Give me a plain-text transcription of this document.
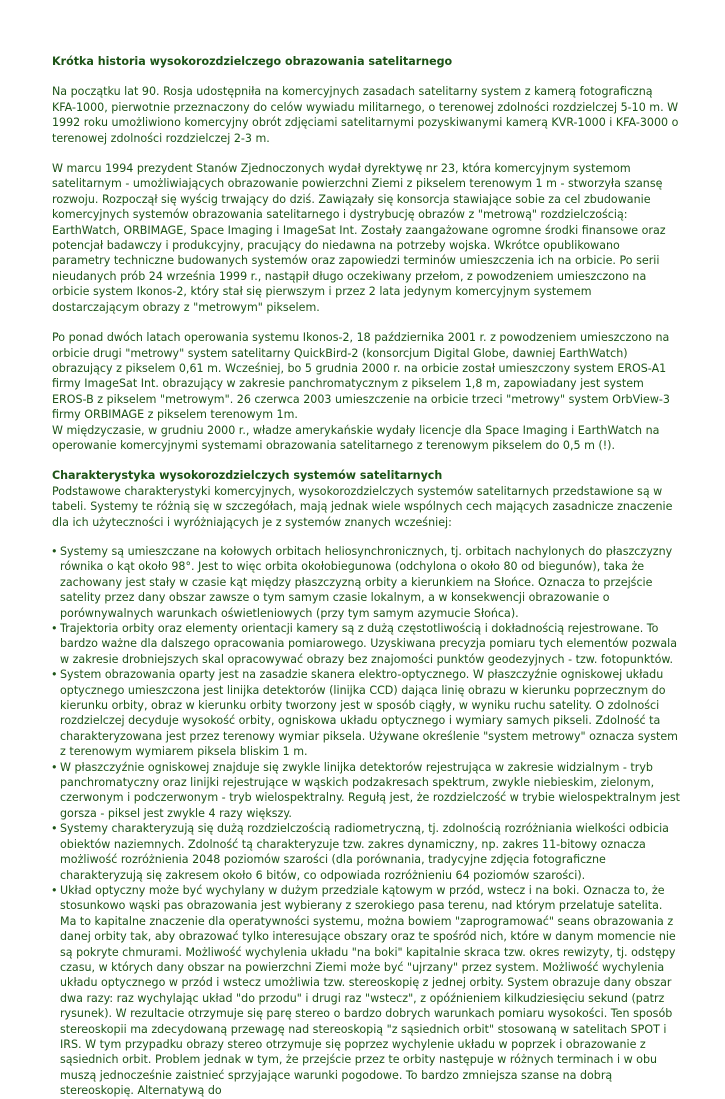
Krótka historia wysokorozdzielczego obrazowania satelitarnego

Na początku lat 90. Rosja udostępniła na komercyjnych zasadach satelitarny system z kamerą fotograficzną KFA-1000, pierwotnie przeznaczony do celów wywiadu militarnego, o terenowej zdolności rozdzielczej 5-10 m. W 1992 roku umożliwiono komercyjny obrót zdjęciami satelitarnymi pozyskiwanymi kamerą KVR-1000 i KFA-3000 o terenowej zdolności rozdzielczej 2-3 m.

W marcu 1994 prezydent Stanów Zjednoczonych wydał dyrektywę nr 23, która komercyjnym systemom satelitarnym - umożliwiających obrazowanie powierzchni Ziemi z pikselem terenowym 1 m - stworzyła szansę rozwoju. Rozpoczął się wyścig trwający do dziś. Zawiązały się konsorcja stawiające sobie za cel zbudowanie komercyjnych systemów obrazowania satelitarnego i dystrybucję obrazów z "metrową" rozdzielczością: EarthWatch, ORBIMAGE, Space Imaging i ImageSat Int. Zostały zaangażowane ogromne środki finansowe oraz potencjał badawczy i produkcyjny, pracujący do niedawna na potrzeby wojska. Wkrótce opublikowano parametry techniczne budowanych systemów oraz zapowiedzi terminów umieszczenia ich na orbicie. Po serii nieudanych prób 24 września 1999 r., nastąpił długo oczekiwany przełom, z powodzeniem umieszczono na orbicie system Ikonos-2, który stał się pierwszym i przez 2 lata jedynym komercyjnym systemem dostarczającym obrazy z "metrowym" pikselem.

Po ponad dwóch latach operowania systemu Ikonos-2, 18 października 2001 r. z powodzeniem umieszczono na orbicie drugi "metrowy" system satelitarny QuickBird-2 (konsorcjum Digital Globe, dawniej EarthWatch) obrazujący z pikselem 0,61 m. Wcześniej, bo 5 grudnia 2000 r. na orbicie został umieszczony system EROS-A1 firmy ImageSat Int. obrazujący w zakresie panchromatycznym z pikselem 1,8 m, zapowiadany jest system EROS-B z pikselem "metrowym". 26 czerwca 2003 umieszczenie na orbicie trzeci "metrowy" system OrbView-3 firmy ORBIMAGE z pikselem terenowym 1m.
W międzyczasie, w grudniu 2000 r., władze amerykańskie wydały licencje dla Space Imaging i EarthWatch na operowanie komercyjnymi systemami obrazowania satelitarnego z terenowym pikselem do 0,5 m (!).
Charakterystyka wysokorozdzielczych systemów satelitarnych
Podstawowe charakterystyki komercyjnych, wysokorozdzielczych systemów satelitarnych przedstawione są w tabeli. Systemy te różnią się w szczegółach, mają jednak wiele wspólnych cech mających zasadnicze znaczenie dla ich użyteczności i wyróżniających je z systemów znanych wcześniej:
• Systemy są umieszczane na kołowych orbitach heliosynchronicznych, tj. orbitach nachylonych do płaszczyzny równika o kąt około 98°. Jest to więc orbita okołobiegunowa (odchylona o około 80 od biegunów), taka że zachowany jest stały w czasie kąt między płaszczyzną orbity a kierunkiem na Słońce. Oznacza to przejście satelity przez dany obszar zawsze o tym samym czasie lokalnym, a w konsekwencji obrazowanie o porównywalnych warunkach oświetleniowych (przy tym samym azymucie Słońca).
• Trajektoria orbity oraz elementy orientacji kamery są z dużą częstotliwością i dokładnością rejestrowane. To bardzo ważne dla dalszego opracowania pomiarowego. Uzyskiwana precyzja pomiaru tych elementów pozwala w zakresie drobniejszych skal opracowywać obrazy bez znajomości punktów geodezyjnych - tzw. fotopunktów.
• System obrazowania oparty jest na zasadzie skanera elektro-optycznego. W płaszczyźnie ogniskowej układu optycznego umieszczona jest linijka detektorów (linijka CCD) dająca linię obrazu w kierunku poprzecznym do kierunku orbity, obraz w kierunku orbity tworzony jest w sposób ciągły, w wyniku ruchu satelity. O zdolności rozdzielczej decyduje wysokość orbity, ogniskowa układu optycznego i wymiary samych pikseli. Zdolność ta charakteryzowana jest przez terenowy wymiar piksela. Używane określenie "system metrowy" oznacza system z terenowym wymiarem piksela bliskim 1 m.
• W płaszczyźnie ogniskowej znajduje się zwykle linijka detektorów rejestrująca w zakresie widzialnym - tryb panchromatyczny oraz linijki rejestrujące w wąskich podzakresach spektrum, zwykle niebieskim, zielonym, czerwonym i podczerwonym - tryb wielospektralny. Regułą jest, że rozdzielczość w trybie wielospektralnym jest gorsza - piksel jest zwykle 4 razy większy.
• Systemy charakteryzują się dużą rozdzielczością radiometryczną, tj. zdolnością rozróżniania wielkości odbicia obiektów naziemnych. Zdolność tą charakteryzuje tzw. zakres dynamiczny, np. zakres 11-bitowy oznacza możliwość rozróżnienia 2048 poziomów szarości (dla porównania, tradycyjne zdjęcia fotograficzne charakteryzują się zakresem około 6 bitów, co odpowiada rozróżnieniu 64 poziomów szarości).
• Układ optyczny może być wychylany w dużym przedziale kątowym w przód, wstecz i na boki. Oznacza to, że stosunkowo wąski pas obrazowania jest wybierany z szerokiego pasa terenu, nad którym przelatuje satelita. Ma to kapitalne znaczenie dla operatywności systemu, można bowiem "zaprogramować" seans obrazowania z danej orbity tak, aby obrazować tylko interesujące obszary oraz te spośród nich, które w danym momencie nie są pokryte chmurami. Możliwość wychylenia układu "na boki" kapitalnie skraca tzw. okres rewizyty, tj. odstępy czasu, w których dany obszar na powierzchni Ziemi może być "ujrzany" przez system. Możliwość wychylenia układu optycznego w przód i wstecz umożliwia tzw. stereoskopię z jednej orbity. System obrazuje dany obszar dwa razy: raz wychylając układ "do przodu" i drugi raz "wstecz", z opóźnieniem kilkudziesięciu sekund (patrz rysunek). W rezultacie otrzymuje się parę stereo o bardzo dobrych warunkach pomiaru wysokości. Ten sposób stereoskopii ma zdecydowaną przewagę nad stereoskopią "z sąsiednich orbit" stosowaną w satelitach SPOT i IRS. W tym przypadku obrazy stereo otrzymuje się poprzez wychylenie układu w poprzek i obrazowanie z sąsiednich orbit. Problem jednak w tym, że przejście przez te orbity następuje w różnych terminach i w obu muszą jednocześnie zaistnieć sprzyjające warunki pogodowe. To bardzo zmniejsza szanse na dobrą stereoskopię. Alternatywą do
